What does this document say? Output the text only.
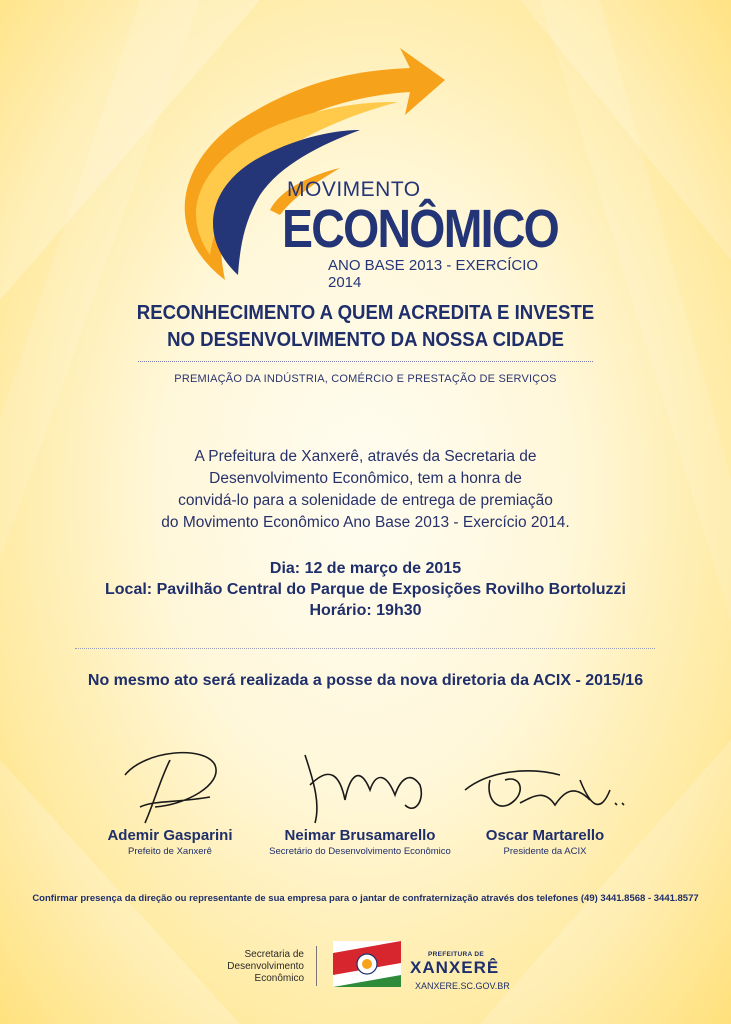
MOVIMENTO
ECONÔMICO
ANO BASE 2013 - EXERCÍCIO 2014
RECONHECIMENTO A QUEM ACREDITA E INVESTE
NO DESENVOLVIMENTO DA NOSSA CIDADE
PREMIAÇÃO DA INDÚSTRIA, COMÉRCIO E PRESTAÇÃO DE SERVIÇOS
A Prefeitura de Xanxerê, através da Secretaria de
Desenvolvimento Econômico, tem a honra de
convidá-lo para a solenidade de entrega de premiação
do Movimento Econômico Ano Base 2013 - Exercício 2014.
Dia: 12 de março de 2015
Local: Pavilhão Central do Parque de Exposições Rovilho Bortoluzzi
Horário: 19h30
No mesmo ato será realizada a posse da nova diretoria da ACIX - 2015/16
Ademir Gasparini
Prefeito de Xanxerê
Neimar Brusamarello
Secretário do Desenvolvimento Econômico
Oscar Martarello
Presidente da ACIX
Confirmar presença da direção ou representante de sua empresa para o jantar de confraternização através dos telefones (49) 3441.8568 - 3441.8577
Secretaria de
Desenvolvimento
Econômico
PREFEITURA DE
XANXERÊ
XANXERE.SC.GOV.BR
